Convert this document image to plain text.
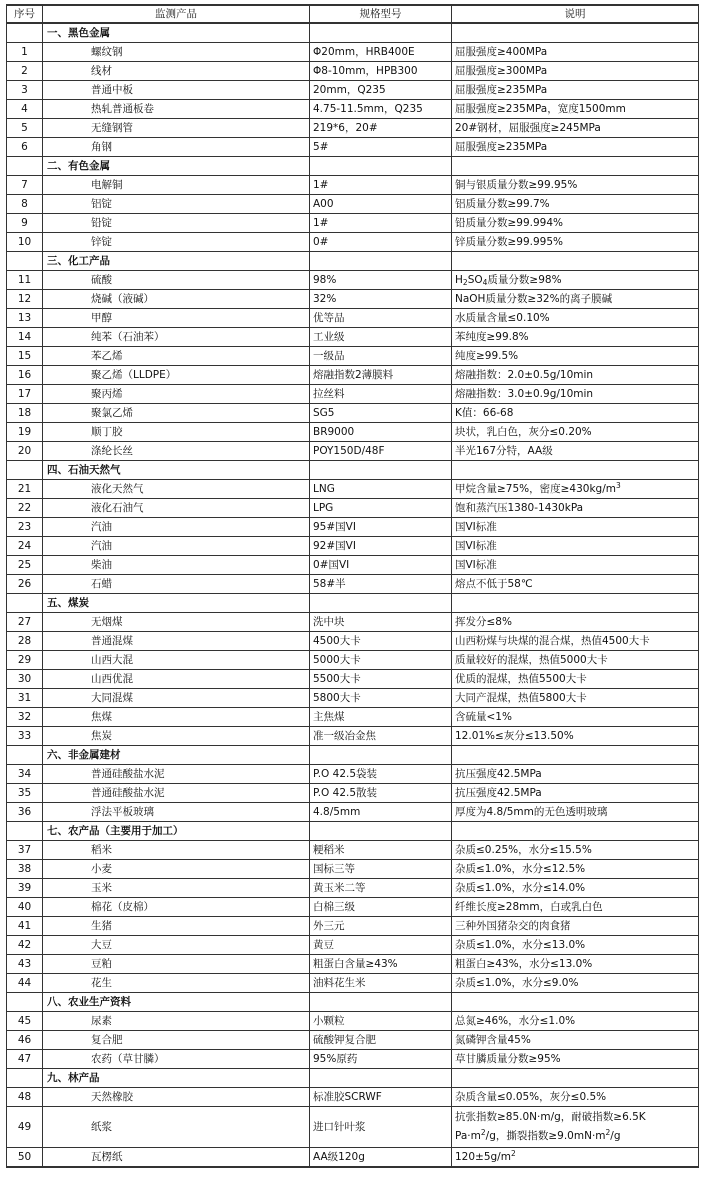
序号	监测产品	规格型号	说明
	一、黑色金属		
1	螺纹钢	Φ20mm，HRB400E	屈服强度≥400MPa
2	线材	Φ8-10mm，HPB300	屈服强度≥300MPa
3	普通中板	20mm，Q235	屈服强度≥235MPa
4	热轧普通板卷	4.75-11.5mm，Q235	屈服强度≥235MPa，宽度1500mm
5	无缝钢管	219*6，20#	20#钢材，屈服强度≥245MPa
6	角钢	5#	屈服强度≥235MPa
	二、有色金属		
7	电解铜	1#	铜与银质量分数≥99.95%
8	铝锭	A00	铝质量分数≥99.7%
9	铅锭	1#	铅质量分数≥99.994%
10	锌锭	0#	锌质量分数≥99.995%
	三、化工产品		
11	硫酸	98%	$H_2SO_4$质量分数≥98%
12	烧碱（液碱）	32%	NaOH质量分数≥32%的离子膜碱
13	甲醇	优等品	水质量含量≤0.10%
14	纯苯（石油苯）	工业级	苯纯度≥99.8%
15	苯乙烯	一级品	纯度≥99.5%
16	聚乙烯（LLDPE）	熔融指数2薄膜料	熔融指数：2.0±0.5g/10min
17	聚丙烯	拉丝料	熔融指数：3.0±0.9g/10min
18	聚氯乙烯	SG5	K值：66-68
19	顺丁胶	BR9000	块状，乳白色，灰分≤0.20%
20	涤纶长丝	POY150D/48F	半光167分特，AA级
	四、石油天然气		
21	液化天然气	LNG	甲烷含量≥75%，密度$\ge 430kg/m^3$
22	液化石油气	LPG	饱和蒸汽压1380-1430kPa
23	汽油	95#国VI	国VI标准
24	汽油	92#国VI	国VI标准
25	柴油	0#国VI	国VI标准
26	石蜡	58#半	熔点不低于58℃
	五、煤炭		
27	无烟煤	洗中块	挥发分≤8%
28	普通混煤	4500大卡	山西粉煤与块煤的混合煤，热值4500大卡
29	山西大混	5000大卡	质量较好的混煤，热值5000大卡
30	山西优混	5500大卡	优质的混煤，热值5500大卡
31	大同混煤	5800大卡	大同产混煤，热值5800大卡
32	焦煤	主焦煤	含硫量<1%
33	焦炭	准一级冶金焦	12.01%≤灰分≤13.50%
	六、非金属建材		
34	普通硅酸盐水泥	P.O 42.5袋装	抗压强度42.5MPa
35	普通硅酸盐水泥	P.O 42.5散装	抗压强度42.5MPa
36	浮法平板玻璃	4.8/5mm	厚度为4.8/5mm的无色透明玻璃
	七、农产品（主要用于加工）		
37	稻米	粳稻米	杂质≤0.25%，水分≤15.5%
38	小麦	国标三等	杂质≤1.0%，水分≤12.5%
39	玉米	黄玉米二等	杂质≤1.0%，水分≤14.0%
40	棉花（皮棉）	白棉三级	纤维长度≥28mm，白或乳白色
41	生猪	外三元	三种外国猪杂交的肉食猪
42	大豆	黄豆	杂质≤1.0%，水分≤13.0%
43	豆粕	粗蛋白含量≥43%	粗蛋白≥43%，水分≤13.0%
44	花生	油料花生米	杂质≤1.0%，水分≤9.0%
	八、农业生产资料		
45	尿素	小颗粒	总氮≥46%，水分≤1.0%
46	复合肥	硫酸钾复合肥	氮磷钾含量45%
47	农药（草甘膦）	95%原药	草甘膦质量分数≥95%
	九、林产品		
48	天然橡胶	标准胶SCRWF	杂质含量≤0.05%，灰分≤0.5%
49	纸浆	进口针叶浆	抗张指数≥85.0N·m/g，耐破指数≥6.5K
$Pa\cdot m^2/g$，撕裂指数$\ge 9.0mN\cdot m^2/g$

50	瓦楞纸	AA级120g	$120\pm 5g/m^2$
